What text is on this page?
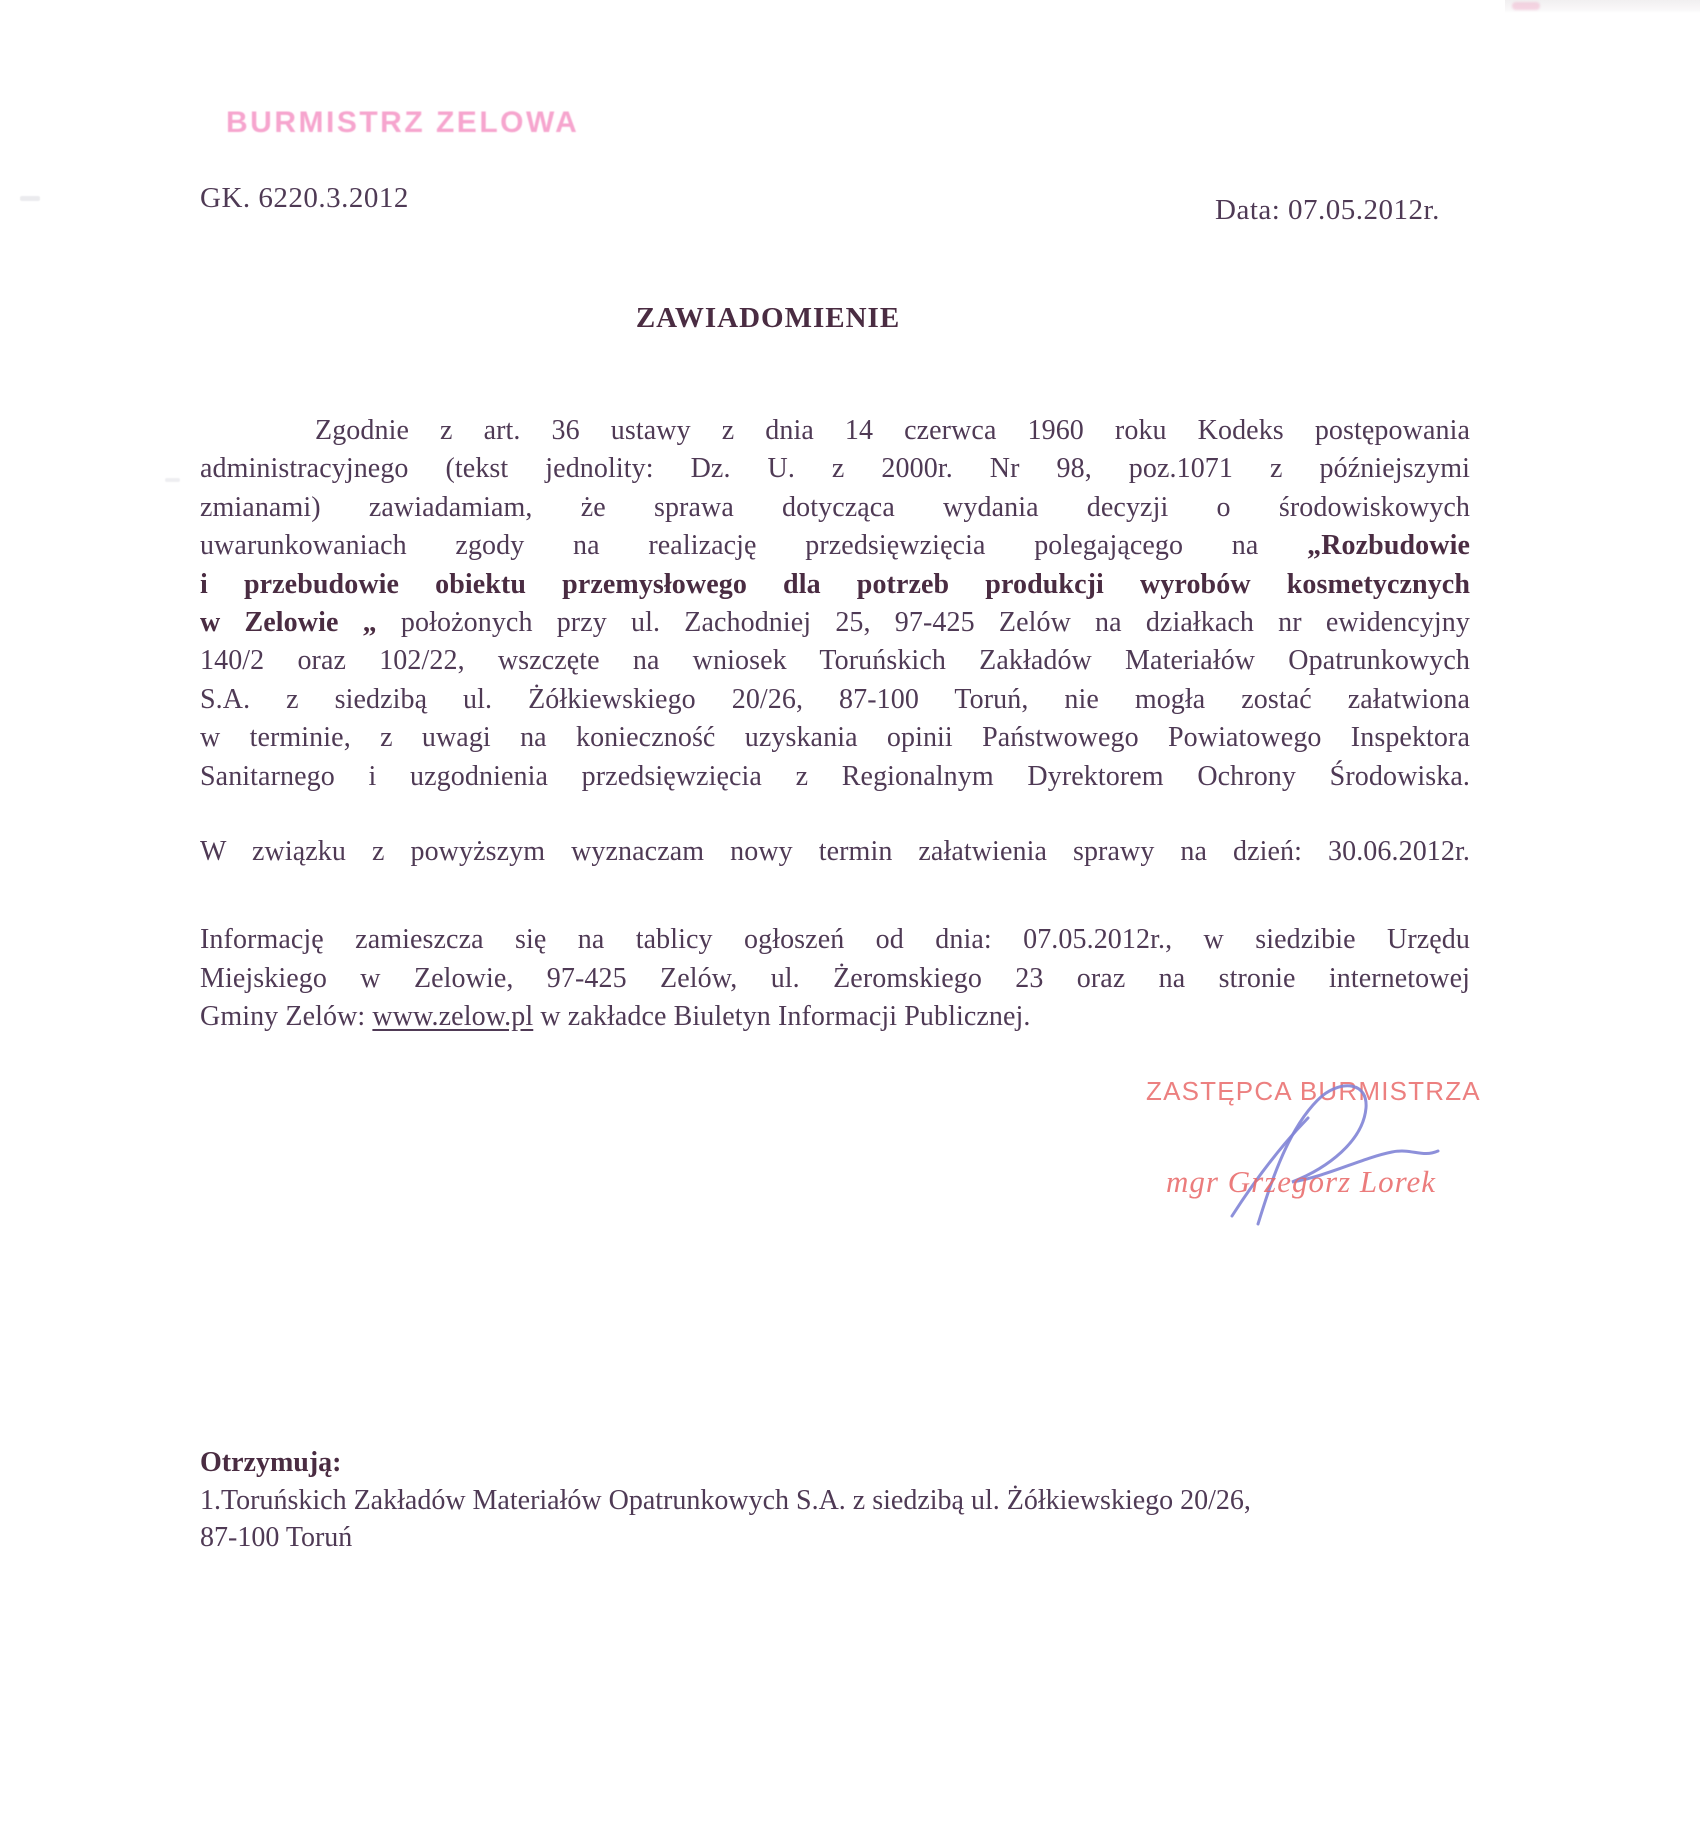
BURMISTRZ ZELOWA
GK. 6220.3.2012	Data: 07.05.2012r.
ZAWIADOMIENIE
Zgodnie z art. 36 ustawy z dnia 14 czerwca 1960 roku Kodeks postępowania
administracyjnego (tekst jednolity: Dz. U. z 2000r. Nr 98, poz.1071 z późniejszymi
zmianami) zawiadamiam, że sprawa dotycząca wydania decyzji o środowiskowych
uwarunkowaniach zgody na realizację przedsięwzięcia polegającego na „Rozbudowie
i przebudowie obiektu przemysłowego dla potrzeb produkcji wyrobów kosmetycznych
w Zelowie „ położonych przy ul. Zachodniej 25, 97-425 Zelów na działkach nr ewidencyjny
140/2 oraz 102/22, wszczęte na wniosek Toruńskich Zakładów Materiałów Opatrunkowych
S.A. z siedzibą ul. Żółkiewskiego 20/26, 87-100 Toruń, nie mogła zostać załatwiona
w terminie, z uwagi na konieczność uzyskania opinii Państwowego Powiatowego Inspektora
Sanitarnego i uzgodnienia przedsięwzięcia z Regionalnym Dyrektorem Ochrony Środowiska.
W związku z powyższym wyznaczam nowy termin załatwienia sprawy na dzień: 30.06.2012r.
Informację zamieszcza się na tablicy ogłoszeń od dnia: 07.05.2012r., w siedzibie Urzędu
Miejskiego w Zelowie, 97-425 Zelów, ul. Żeromskiego 23 oraz na stronie internetowej
Gminy Zelów: www.zelow.pl w zakładce Biuletyn Informacji Publicznej.
ZASTĘPCA BURMISTRZA
mgr Grzegorz Lorek
Otrzymują:
1.Toruńskich Zakładów Materiałów Opatrunkowych S.A. z siedzibą ul. Żółkiewskiego 20/26,
87-100 Toruń
